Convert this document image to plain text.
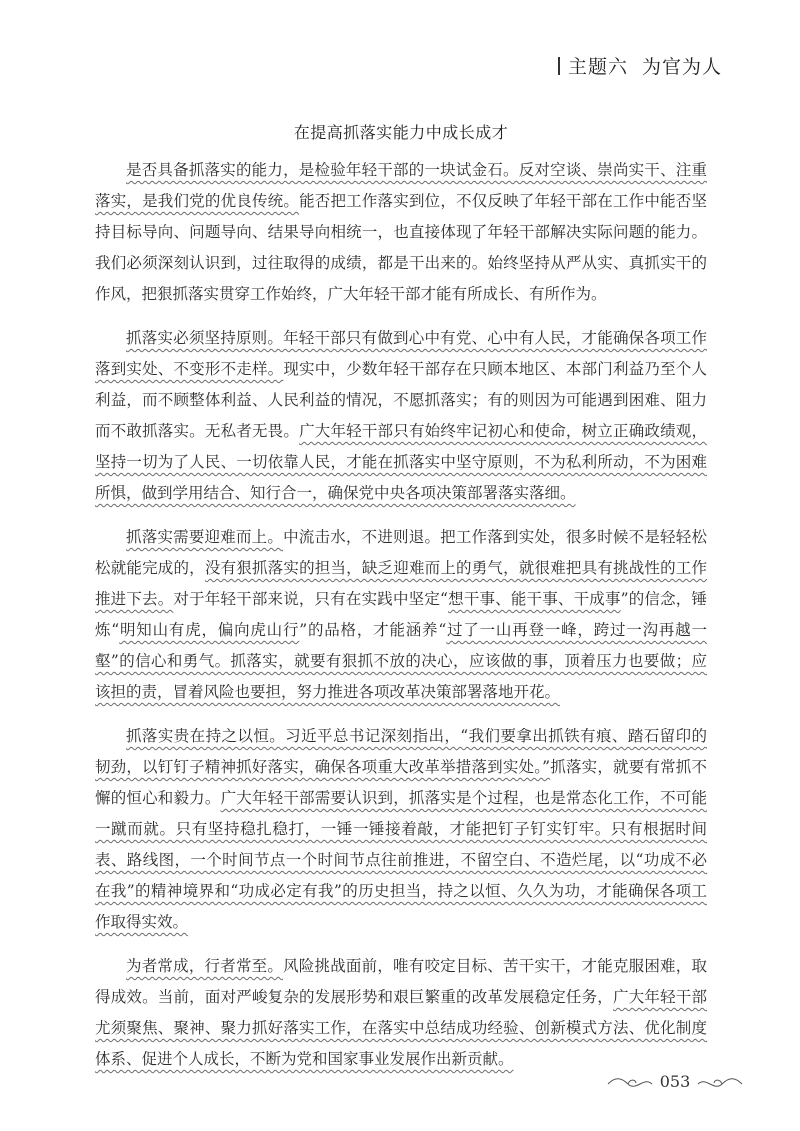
主题六 为官为人
在提高抓落实能力中成长成才

是否具备抓落实的能力，是检验年轻干部的一块试金石。反对空谈、崇尚实干、注重落实，是我们党的优良传统。能否把工作落实到位，不仅反映了年轻干部在工作中能否坚持目标导向、问题导向、结果导向相统一，也直接体现了年轻干部解决实际问题的能力。我们必须深刻认识到，过往取得的成绩，都是干出来的。始终坚持从严从实、真抓实干的作风，把狠抓落实贯穿工作始终，广大年轻干部才能有所成长、有所作为。

抓落实必须坚持原则。年轻干部只有做到心中有党、心中有人民，才能确保各项工作落到实处、不变形不走样。现实中，少数年轻干部存在只顾本地区、本部门利益乃至个人利益，而不顾整体利益、人民利益的情况，不愿抓落实；有的则因为可能遇到困难、阻力而不敢抓落实。无私者无畏。广大年轻干部只有始终牢记初心和使命，树立正确政绩观，坚持一切为了人民、一切依靠人民，才能在抓落实中坚守原则，不为私利所动，不为困难所惧，做到学用结合、知行合一，确保党中央各项决策部署落实落细。

抓落实需要迎难而上。中流击水，不进则退。把工作落到实处，很多时候不是轻轻松松就能完成的，没有狠抓落实的担当，缺乏迎难而上的勇气，就很难把具有挑战性的工作推进下去。对于年轻干部来说，只有在实践中坚定“想干事、能干事、干成事”的信念，锤炼“明知山有虎，偏向虎山行”的品格，才能涵养“过了一山再登一峰，跨过一沟再越一壑”的信心和勇气。抓落实，就要有狠抓不放的决心，应该做的事，顶着压力也要做；应该担的责，冒着风险也要担，努力推进各项改革决策部署落地开花。

抓落实贵在持之以恒。习近平总书记深刻指出，“我们要拿出抓铁有痕、踏石留印的韧劲，以钉钉子精神抓好落实，确保各项重大改革举措落到实处。”抓落实，就要有常抓不懈的恒心和毅力。广大年轻干部需要认识到，抓落实是个过程，也是常态化工作，不可能一蹴而就。只有坚持稳扎稳打，一锤一锤接着敲，才能把钉子钉实钉牢。只有根据时间表、路线图，一个时间节点一个时间节点往前推进，不留空白、不造烂尾，以“功成不必在我”的精神境界和“功成必定有我”的历史担当，持之以恒、久久为功，才能确保各项工作取得实效。

为者常成，行者常至。风险挑战面前，唯有咬定目标、苦干实干，才能克服困难，取得成效。当前，面对严峻复杂的发展形势和艰巨繁重的改革发展稳定任务，广大年轻干部尤须聚焦、聚神、聚力抓好落实工作，在落实中总结成功经验、创新模式方法、优化制度体系、促进个人成长，不断为党和国家事业发展作出新贡献。

053
